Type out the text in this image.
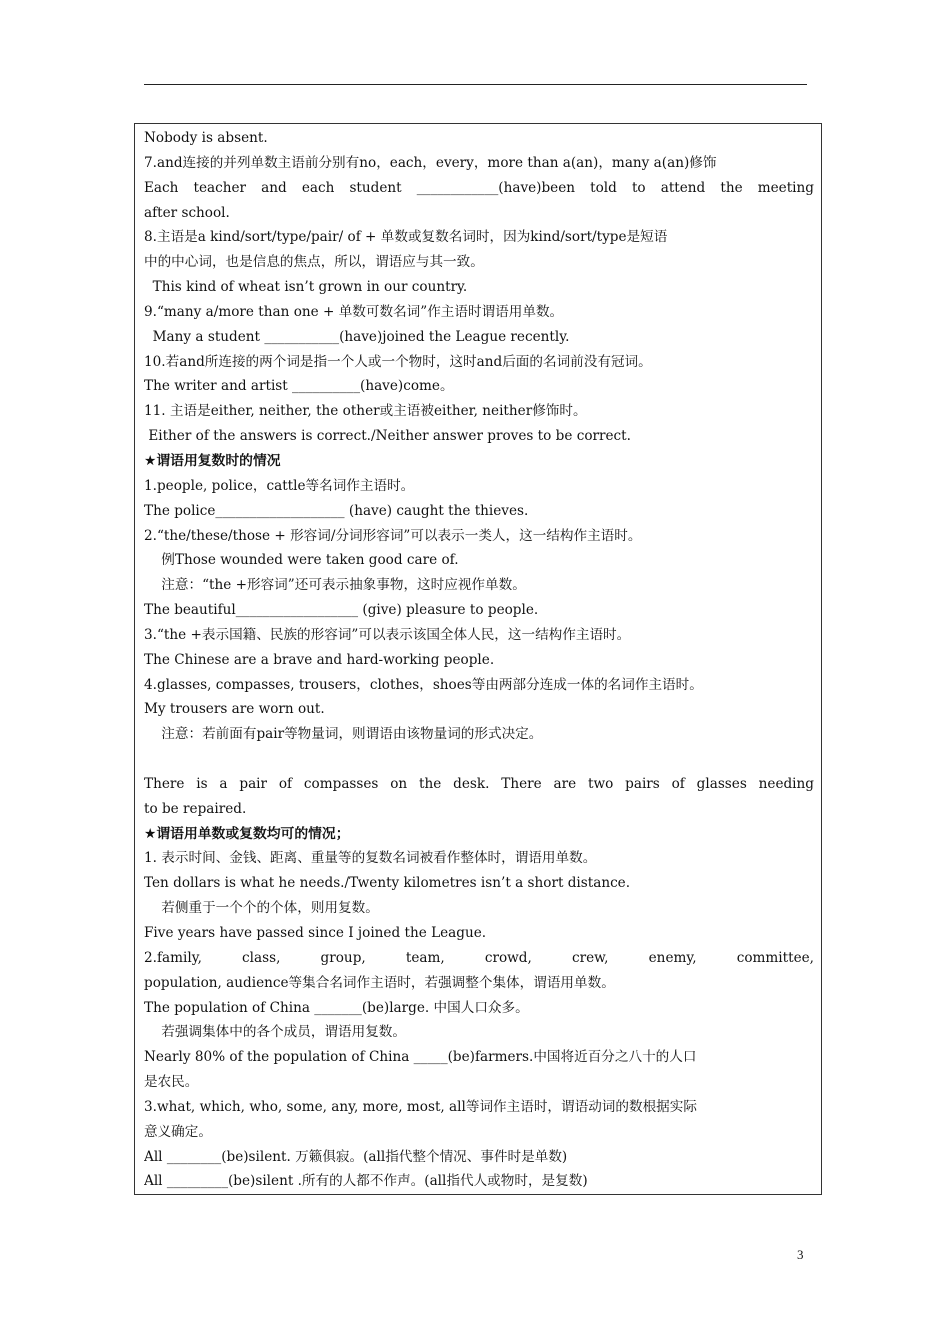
Nobody is absent.
7.and连接的并列单数主语前分别有no，each，every，more than a(an)，many a(an)修饰
Each teacher and each student ____________(have)been told to attend the meeting
after school.
8.主语是a kind/sort/type/pair/ of + 单数或复数名词时，因为kind/sort/type是短语
中的中心词，也是信息的焦点，所以，谓语应与其一致。
This kind of wheat isn’t grown in our country.
9.“many a/more than one + 单数可数名词”作主语时谓语用单数。
Many a student ___________(have)joined the League recently.
10.若and所连接的两个词是指一个人或一个物时，这时and后面的名词前没有冠词。
The writer and artist __________(have)come。
11. 主语是either, neither, the other或主语被either, neither修饰时。
Either of the answers is correct./Neither answer proves to be correct.
★谓语用复数时的情况
1.people, police，cattle等名词作主语时。
The police___________________ (have) caught the thieves.
2.“the/these/those + 形容词/分词形容词”可以表示一类人，这一结构作主语时。
例Those wounded were taken good care of.
注意：“the +形容词”还可表示抽象事物，这时应视作单数。
The beautiful__________________ (give) pleasure to people.
3.“the +表示国籍、民族的形容词”可以表示该国全体人民，这一结构作主语时。
The Chinese are a brave and hard-working people.
4.glasses, compasses, trousers，clothes，shoes等由两部分连成一体的名词作主语时。
My trousers are worn out.
注意：若前面有pair等物量词，则谓语由该物量词的形式决定。
There is a pair of compasses on the desk. There are two pairs of glasses needing
to be repaired.
★谓语用单数或复数均可的情况；
1. 表示时间、金钱、距离、重量等的复数名词被看作整体时，谓语用单数。
Ten dollars is what he needs./Twenty kilometres isn’t a short distance.
若侧重于一个个的个体，则用复数。
Five years have passed since I joined the League.
2.family, class, group, team, crowd, crew, enemy, committee,
population, audience等集合名词作主语时，若强调整个集体，谓语用单数。
The population of China _______(be)large. 中国人口众多。
若强调集体中的各个成员，谓语用复数。
Nearly 80% of the population of China _____(be)farmers.中国将近百分之八十的人口
是农民。
3.what, which, who, some, any, more, most, all等词作主语时，谓语动词的数根据实际
意义确定。
All ________(be)silent. 万籁俱寂。(all指代整个情况、事件时是单数)
All _________(be)silent .所有的人都不作声。(all指代人或物时，是复数)
3
